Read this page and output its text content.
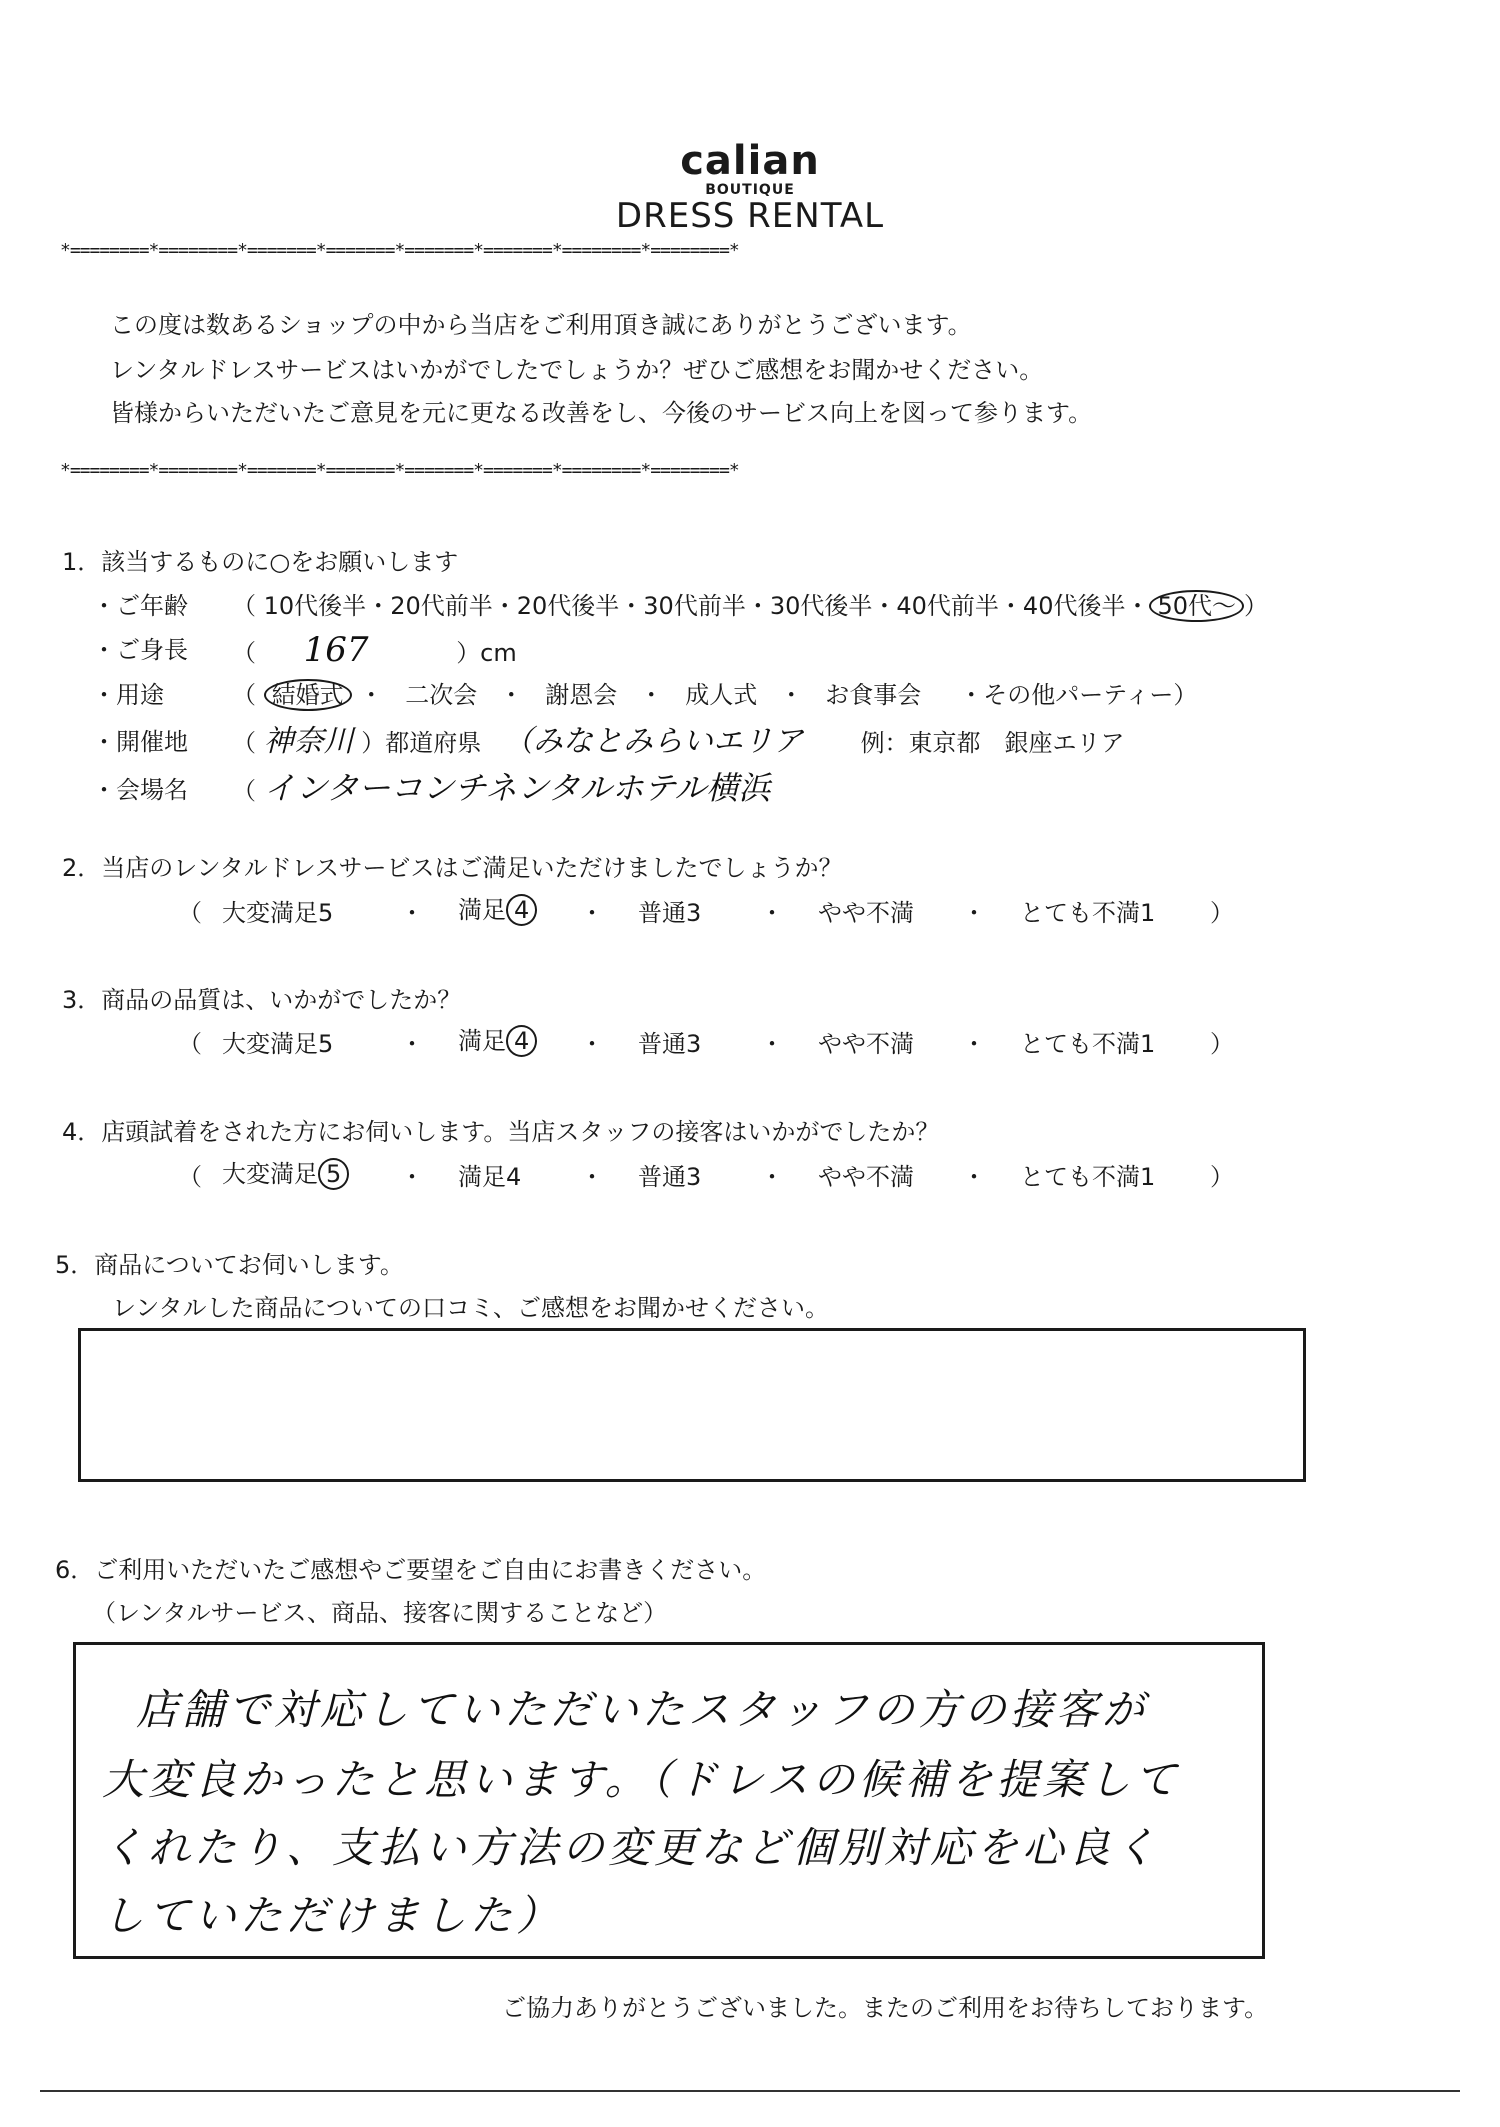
calian
BOUTIQUE
DRESS RENTAL
*========*========*=======*=======*=======*=======*========*========*
この度は数あるショップの中から当店をご利用頂き誠にありがとうございます。
レンタルドレスサービスはいかがでしたでしょうか？ぜひご感想をお聞かせください。
皆様からいただいたご意見を元に更なる改善をし、今後のサービス向上を図って参ります。
*========*========*=======*=======*=======*=======*========*========*
1．該当するものに○をお願いします
・ご年齢 （ 10代後半・20代前半・20代後半・30代前半・30代後半・40代前半・40代後半・ 50代～ ）
・ご身長 （ 167	）cm
・用途	（ 結婚式 ・ 二次会 ・ 謝恩会 ・ 成人式 ・ お食事会 ・その他パーティー）
・開催地 （ 神奈川 ）都道府県 （みなとみらいエリア 例：東京都　銀座エリア
・会場名 （ インターコンチネンタルホテル横浜
2．当店のレンタルドレスサービスはご満足いただけましたでしょうか？
（ 大変満足5	・ 満足 4	・ 普通3 ・ やや不満 ・ とても不満1 ）
3．商品の品質は、いかがでしたか？
（ 大変満足5	・ 満足 4	・ 普通3 ・ やや不満 ・ とても不満1 ）
4．店頭試着をされた方にお伺いします。当店スタッフの接客はいかがでしたか？
（ 大変満足 5	・ 満足4 ・ 普通3 ・ やや不満 ・ とても不満1 ）
5．商品についてお伺いします。
レンタルした商品についての口コミ、ご感想をお聞かせください。
6．ご利用いただいたご感想やご要望をご自由にお書きください。
（レンタルサービス、商品、接客に関することなど）
店舗で対応していただいたスタッフの方の接客が
大変良かったと思います。（ドレスの候補を提案して
くれたり、支払い方法の変更など個別対応を心良く
していただけました）
ご協力ありがとうございました。またのご利用をお待ちしております。
